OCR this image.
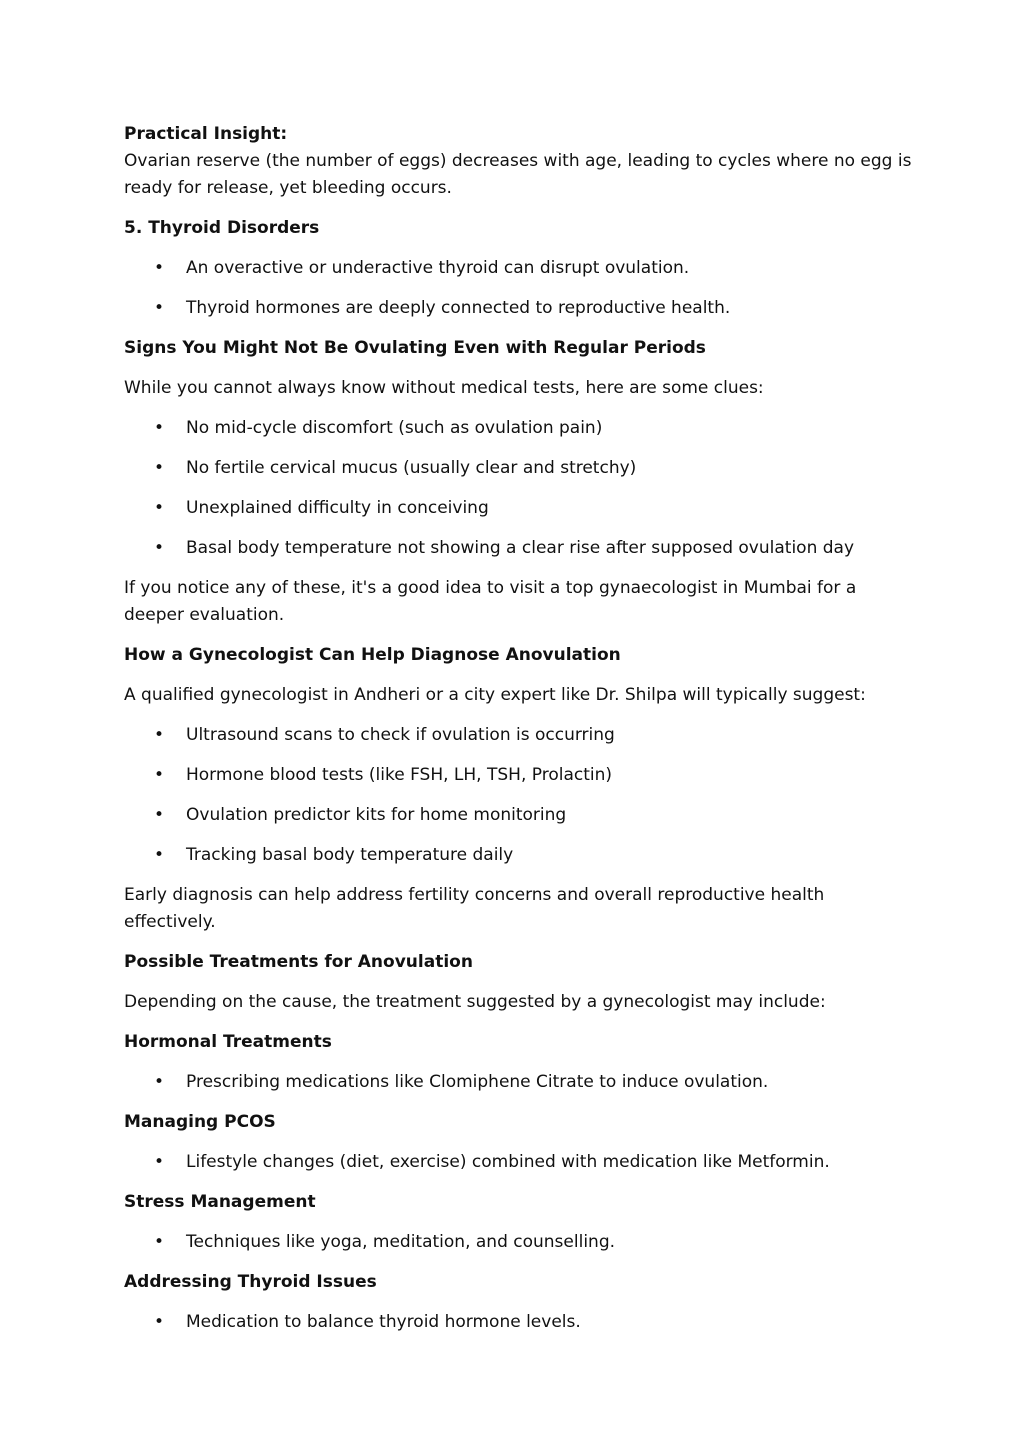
Practical Insight:

Ovarian reserve (the number of eggs) decreases with age, leading to cycles where no egg is ready for release, yet bleeding occurs.

5. Thyroid Disorders
• An overactive or underactive thyroid can disrupt ovulation.
• Thyroid hormones are deeply connected to reproductive health.
Signs You Might Not Be Ovulating Even with Regular Periods

While you cannot always know without medical tests, here are some clues:

• No mid-cycle discomfort (such as ovulation pain)
• No fertile cervical mucus (usually clear and stretchy)
• Unexplained difficulty in conceiving
• Basal body temperature not showing a clear rise after supposed ovulation day

If you notice any of these, it's a good idea to visit a top gynaecologist in Mumbai for a deeper evaluation.

How a Gynecologist Can Help Diagnose Anovulation

A qualified gynecologist in Andheri or a city expert like Dr. Shilpa will typically suggest:

• Ultrasound scans to check if ovulation is occurring
• Hormone blood tests (like FSH, LH, TSH, Prolactin)
• Ovulation predictor kits for home monitoring
• Tracking basal body temperature daily

Early diagnosis can help address fertility concerns and overall reproductive health effectively.

Possible Treatments for Anovulation

Depending on the cause, the treatment suggested by a gynecologist may include:

Hormonal Treatments
• Prescribing medications like Clomiphene Citrate to induce ovulation.
Managing PCOS
• Lifestyle changes (diet, exercise) combined with medication like Metformin.
Stress Management
• Techniques like yoga, meditation, and counselling.
Addressing Thyroid Issues
• Medication to balance thyroid hormone levels.
